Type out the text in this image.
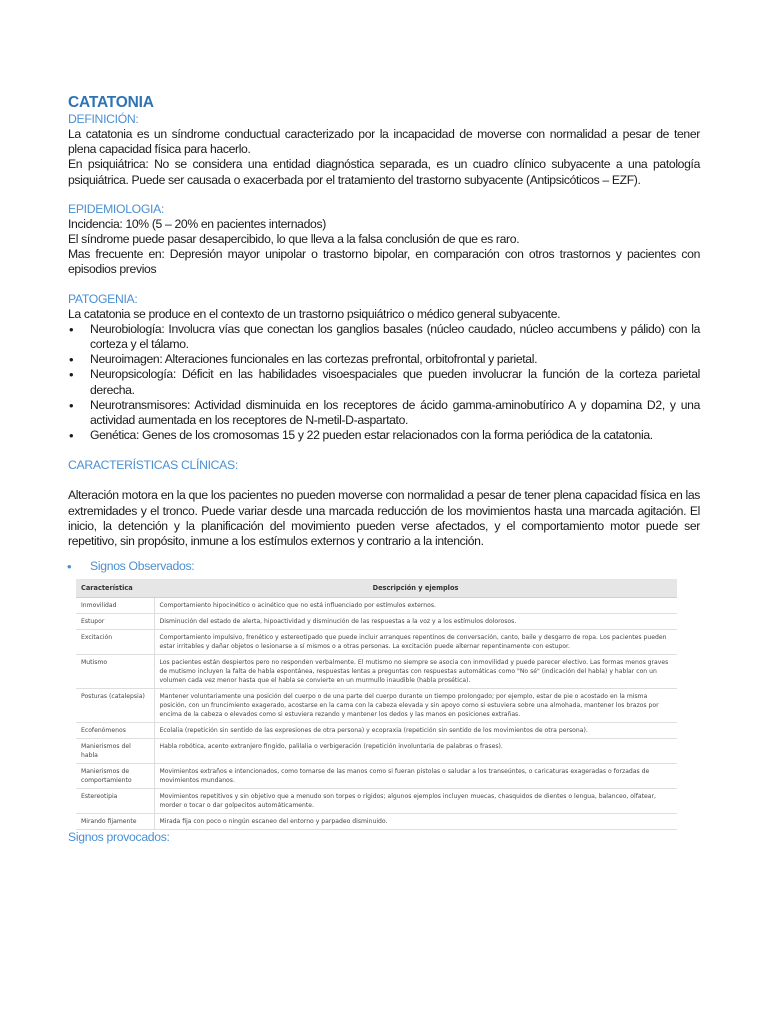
CATATONIA
DEFINICIÓN:
La catatonia es un síndrome conductual caracterizado por la incapacidad de moverse con normalidad a pesar de tener plena capacidad física para hacerlo.
En psiquiátrica: No se considera una entidad diagnóstica separada, es un cuadro clínico subyacente a una patología psiquiátrica. Puede ser causada o exacerbada por el tratamiento del trastorno subyacente (Antipsicóticos – EZF).
EPIDEMIOLOGIA:
Incidencia: 10% (5 – 20% en pacientes internados)
El síndrome puede pasar desapercibido, lo que lleva a la falsa conclusión de que es raro.
Mas frecuente en: Depresión mayor unipolar o trastorno bipolar, en comparación con otros trastornos y pacientes con episodios previos
PATOGENIA:
La catatonia se produce en el contexto de un trastorno psiquiátrico o médico general subyacente.
• Neurobiología: Involucra vías que conectan los ganglios basales (núcleo caudado, núcleo accumbens y pálido) con la corteza y el tálamo.
• Neuroimagen: Alteraciones funcionales en las cortezas prefrontal, orbitofrontal y parietal.
• Neuropsicología: Déficit en las habilidades visoespaciales que pueden involucrar la función de la corteza parietal derecha.
• Neurotransmisores: Actividad disminuida en los receptores de ácido gamma-aminobutírico A y dopamina D2, y una actividad aumentada en los receptores de N-metil-D-aspartato.
• Genética: Genes de los cromosomas 15 y 22 pueden estar relacionados con la forma periódica de la catatonia.
CARACTERÍSTICAS CLÍNICAS:
Alteración motora en la que los pacientes no pueden moverse con normalidad a pesar de tener plena capacidad física en las extremidades y el tronco. Puede variar desde una marcada reducción de los movimientos hasta una marcada agitación. El inicio, la detención y la planificación del movimiento pueden verse afectados, y el comportamiento motor puede ser repetitivo, sin propósito, inmune a los estímulos externos y contrario a la intención.
• Signos Observados:
Característica	Descripción y ejemplos
Inmovilidad	Comportamiento hipocinético o acinético que no está influenciado por estímulos externos.
Estupor	Disminución del estado de alerta, hipoactividad y disminución de las respuestas a la voz y a los estímulos dolorosos.
Excitación	Comportamiento impulsivo, frenético y estereotipado que puede incluir arranques repentinos de conversación, canto, baile y desgarro de ropa. Los pacientes pueden estar irritables y dañar objetos o lesionarse a sí mismos o a otras personas. La excitación puede alternar repentinamente con estupor.
Mutismo	Los pacientes están despiertos pero no responden verbalmente. El mutismo no siempre se asocia con inmovilidad y puede parecer electivo. Las formas menos graves de mutismo incluyen la falta de habla espontánea, respuestas lentas a preguntas con respuestas automáticas como "No sé" (indicación del habla) y hablar con un volumen cada vez menor hasta que el habla se convierte en un murmullo inaudible (habla prosética).
Posturas (catalepsia)	Mantener voluntariamente una posición del cuerpo o de una parte del cuerpo durante un tiempo prolongado; por ejemplo, estar de pie o acostado en la misma posición, con un fruncimiento exagerado, acostarse en la cama con la cabeza elevada y sin apoyo como si estuviera sobre una almohada, mantener los brazos por encima de la cabeza o elevados como si estuviera rezando y mantener los dedos y las manos en posiciones extrañas.
Ecofenómenos	Ecolalia (repetición sin sentido de las expresiones de otra persona) y ecopraxia (repetición sin sentido de los movimientos de otra persona).
Manierismos del habla	Habla robótica, acento extranjero fingido, palilalia o verbigeración (repetición involuntaria de palabras o frases).
Manierismos de comportamiento	Movimientos extraños e intencionados, como tomarse de las manos como si fueran pistolas o saludar a los transeúntes, o caricaturas exageradas o forzadas de movimientos mundanos.
Estereotipia	Movimientos repetitivos y sin objetivo que a menudo son torpes o rígidos; algunos ejemplos incluyen muecas, chasquidos de dientes o lengua, balanceo, olfatear, morder o tocar o dar golpecitos automáticamente.
Mirando fijamente	Mirada fija con poco o ningún escaneo del entorno y parpadeo disminuido.
Signos provocados:
